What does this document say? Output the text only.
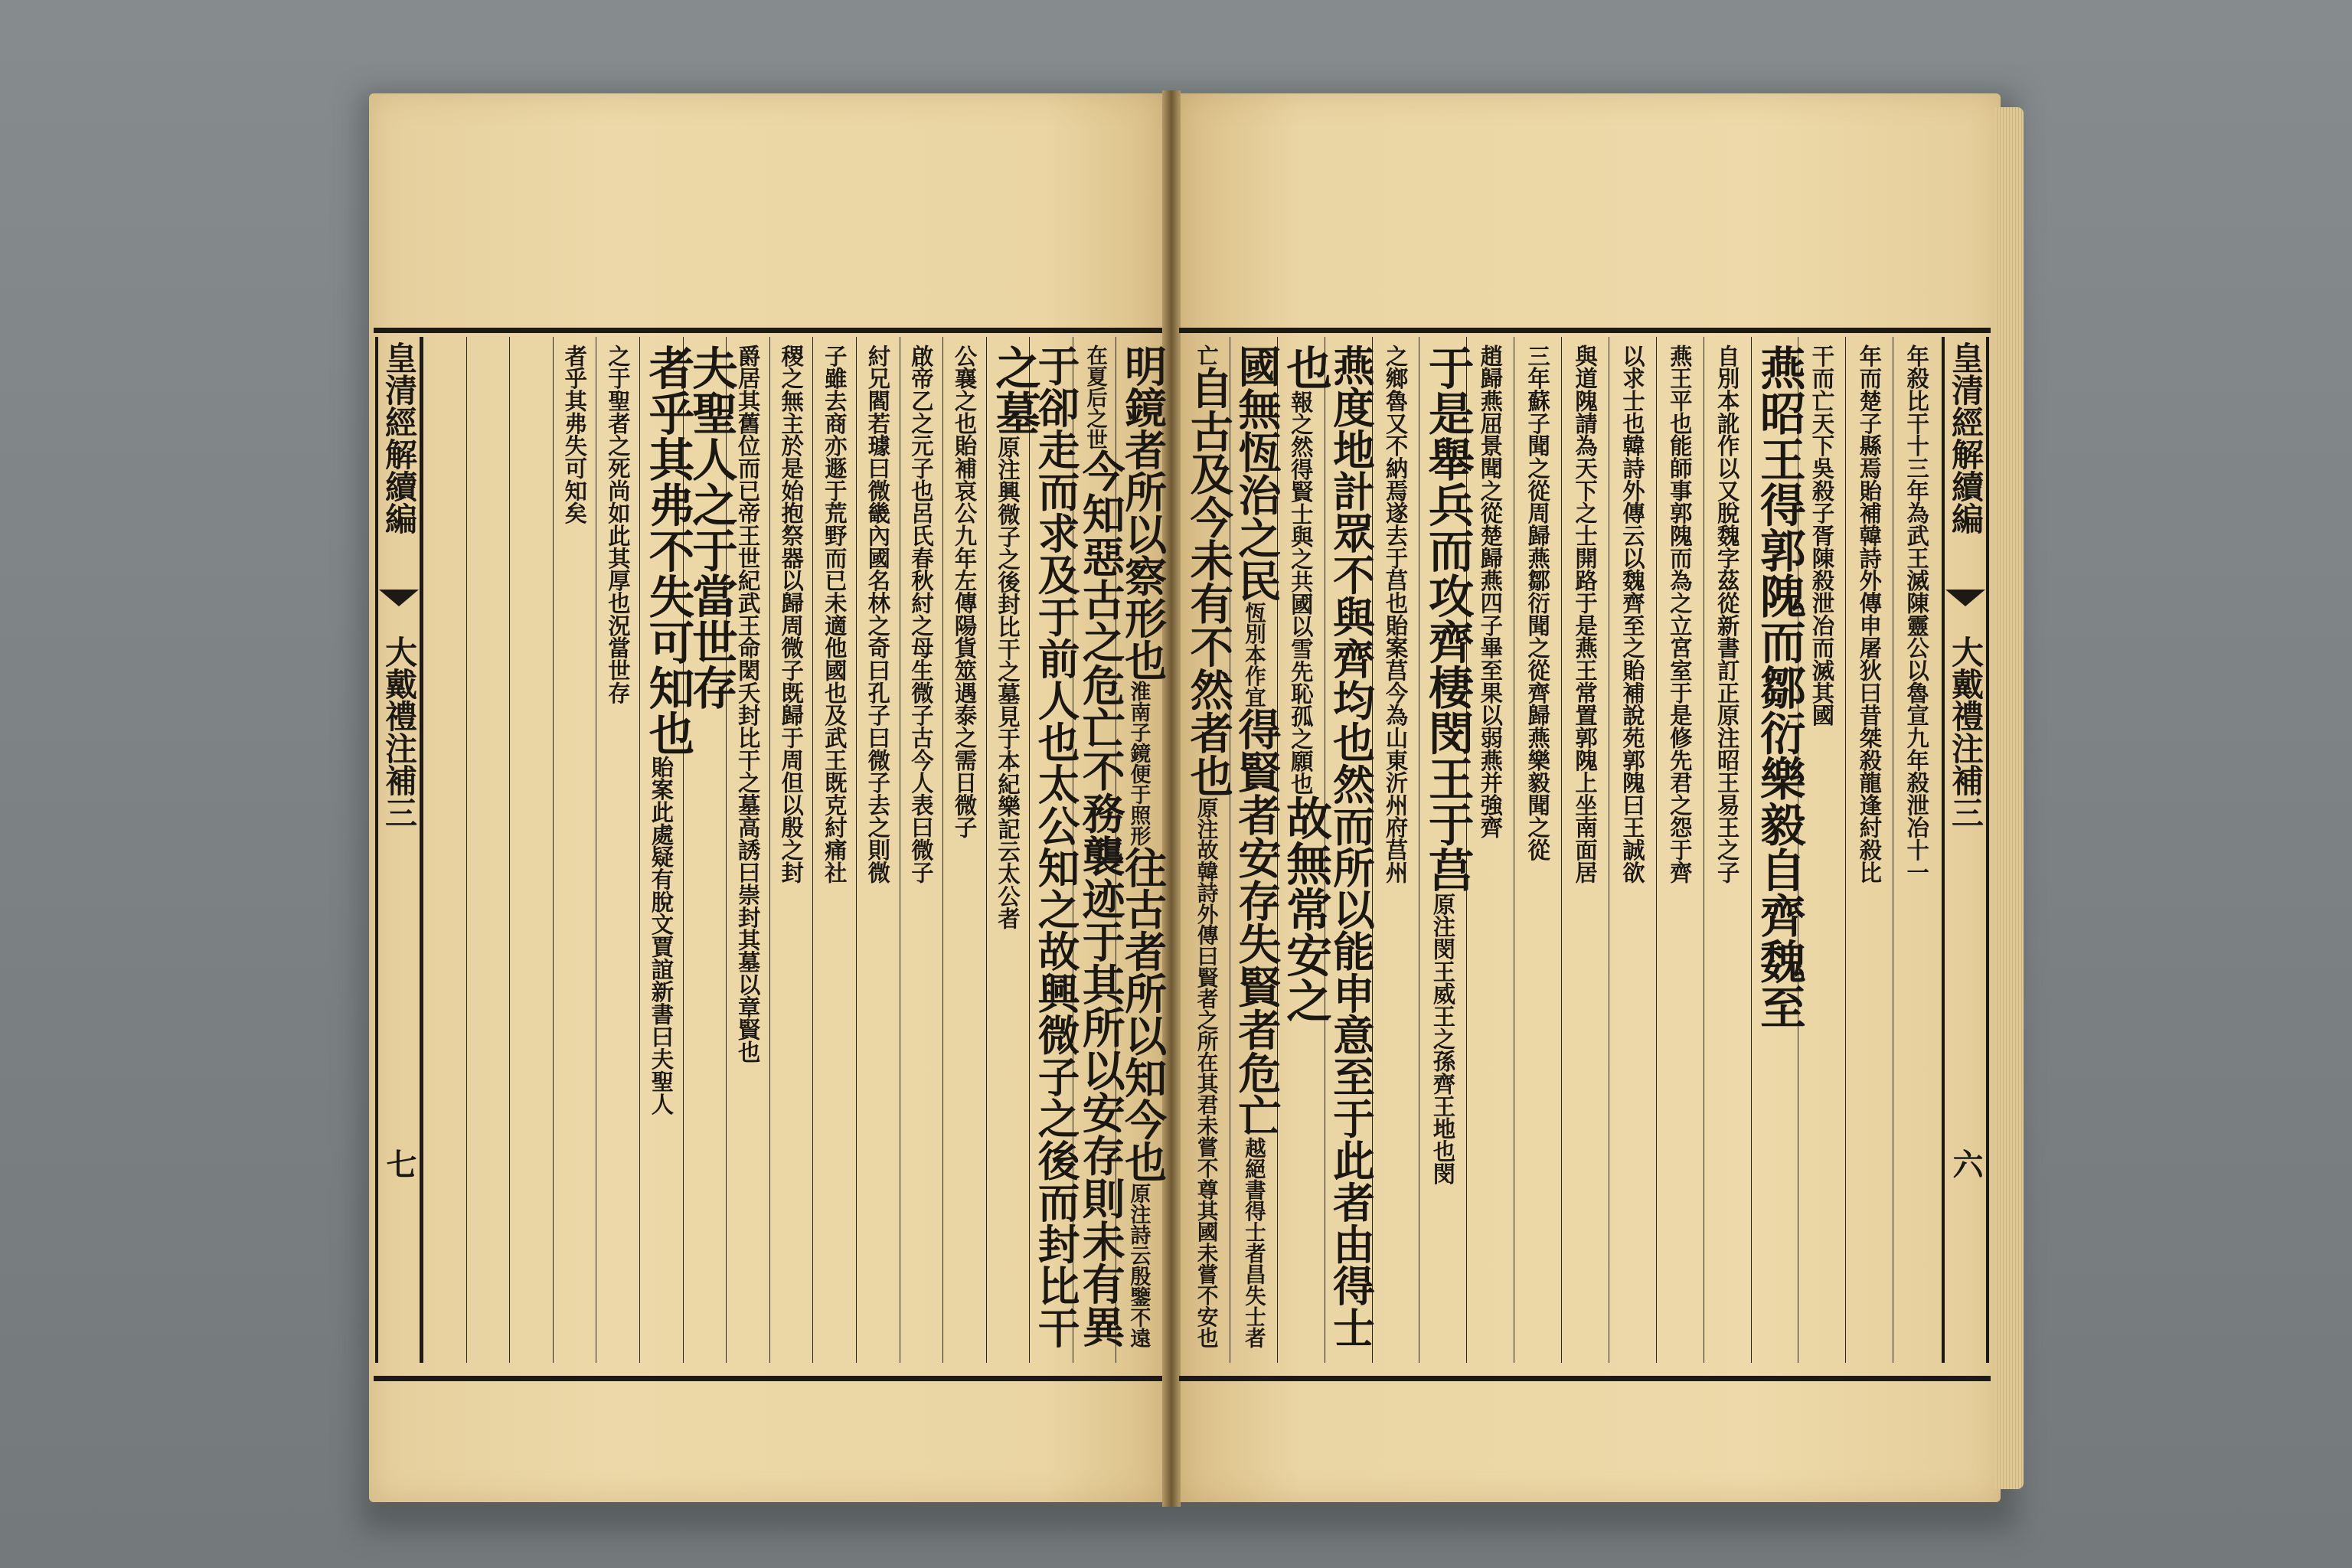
明鏡者所以察形也
淮南子鏡便于照形
往古者所以知今也
原注詩云殷鑒不遠
在夏后之世
今知惡古之危亡不務襲迹于其所以安存則未有異
于卻走而求及于前人也太公知之故興微子之後而封比干
之墓
原注興微子之後封比干之墓見于本紀樂記云太公者
公襄之也貽補哀公九年左傳陽貨筮遇泰之需日微子
啟帝乙之元子也呂氏春秋紂之母生微子古今人表曰微子
紂兄閻若璩曰微畿內國名林之奇曰孔子曰微子去之則微
子雖去商亦遯于荒野而已未適他國也及武王既克紂痛社
稷之無主於是始抱祭器以歸周微子既歸于周但以殷之封
爵居其舊位而已帝王世紀武王命閎夭封比干之墓高誘曰崇封其墓以章賢也
夫聖人之于當世存
者乎其
弗
不失可知也
貽案此處疑有脫文賈誼新書曰夫聖人
之于聖者之死尚如此其厚也況當世存
者乎其弗失可知矣	年殺比干十三年為武王滅陳靈公以魯宣九年殺泄冶十一
年而楚子縣焉貽補韓詩外傳申屠狄曰昔桀殺龍逢紂殺比
干而亡天下吳殺子胥陳殺泄冶而滅其國
燕昭王得郭隗而鄒衍樂毅自齊魏至
自別本訛作以又脫魏字茲從新書訂正原注昭王易王之子
燕王平也能師事郭隗而為之立宮室于是修先君之怨于齊
以求士也韓詩外傳云以魏齊至之貽補說苑郭隗曰王誠欲
與道隗請為天下之士開路于是燕王常置郭隗上坐南面居
三年蘇子聞之從周歸燕鄒衍聞之從齊歸燕樂毅聞之從
趙歸燕屈景聞之從楚歸燕四子畢至果以弱燕并強齊
于是舉兵而攻齊棲閔王于莒
原注閔王威王之孫齊王地也閔
之鄉魯又不納焉遂去于莒也貽案莒今為山東沂州府莒州
燕度地計眾不與齊均也然而所以能申意至于此者由得士
也
報之然得賢士與之共國以雪先恥孤之願也
故無常安之
國無恆治之民
恆別本作宜
得賢者安存失賢者危亡
越絕書得士者昌失士者
亡
自古及今未有不然者也
原注故韓詩外傳曰賢者之所在其君未嘗不尊其國未嘗不安也
皇清經解續編
大戴禮注補三
七
皇清經解續編
大戴禮注補三
六
